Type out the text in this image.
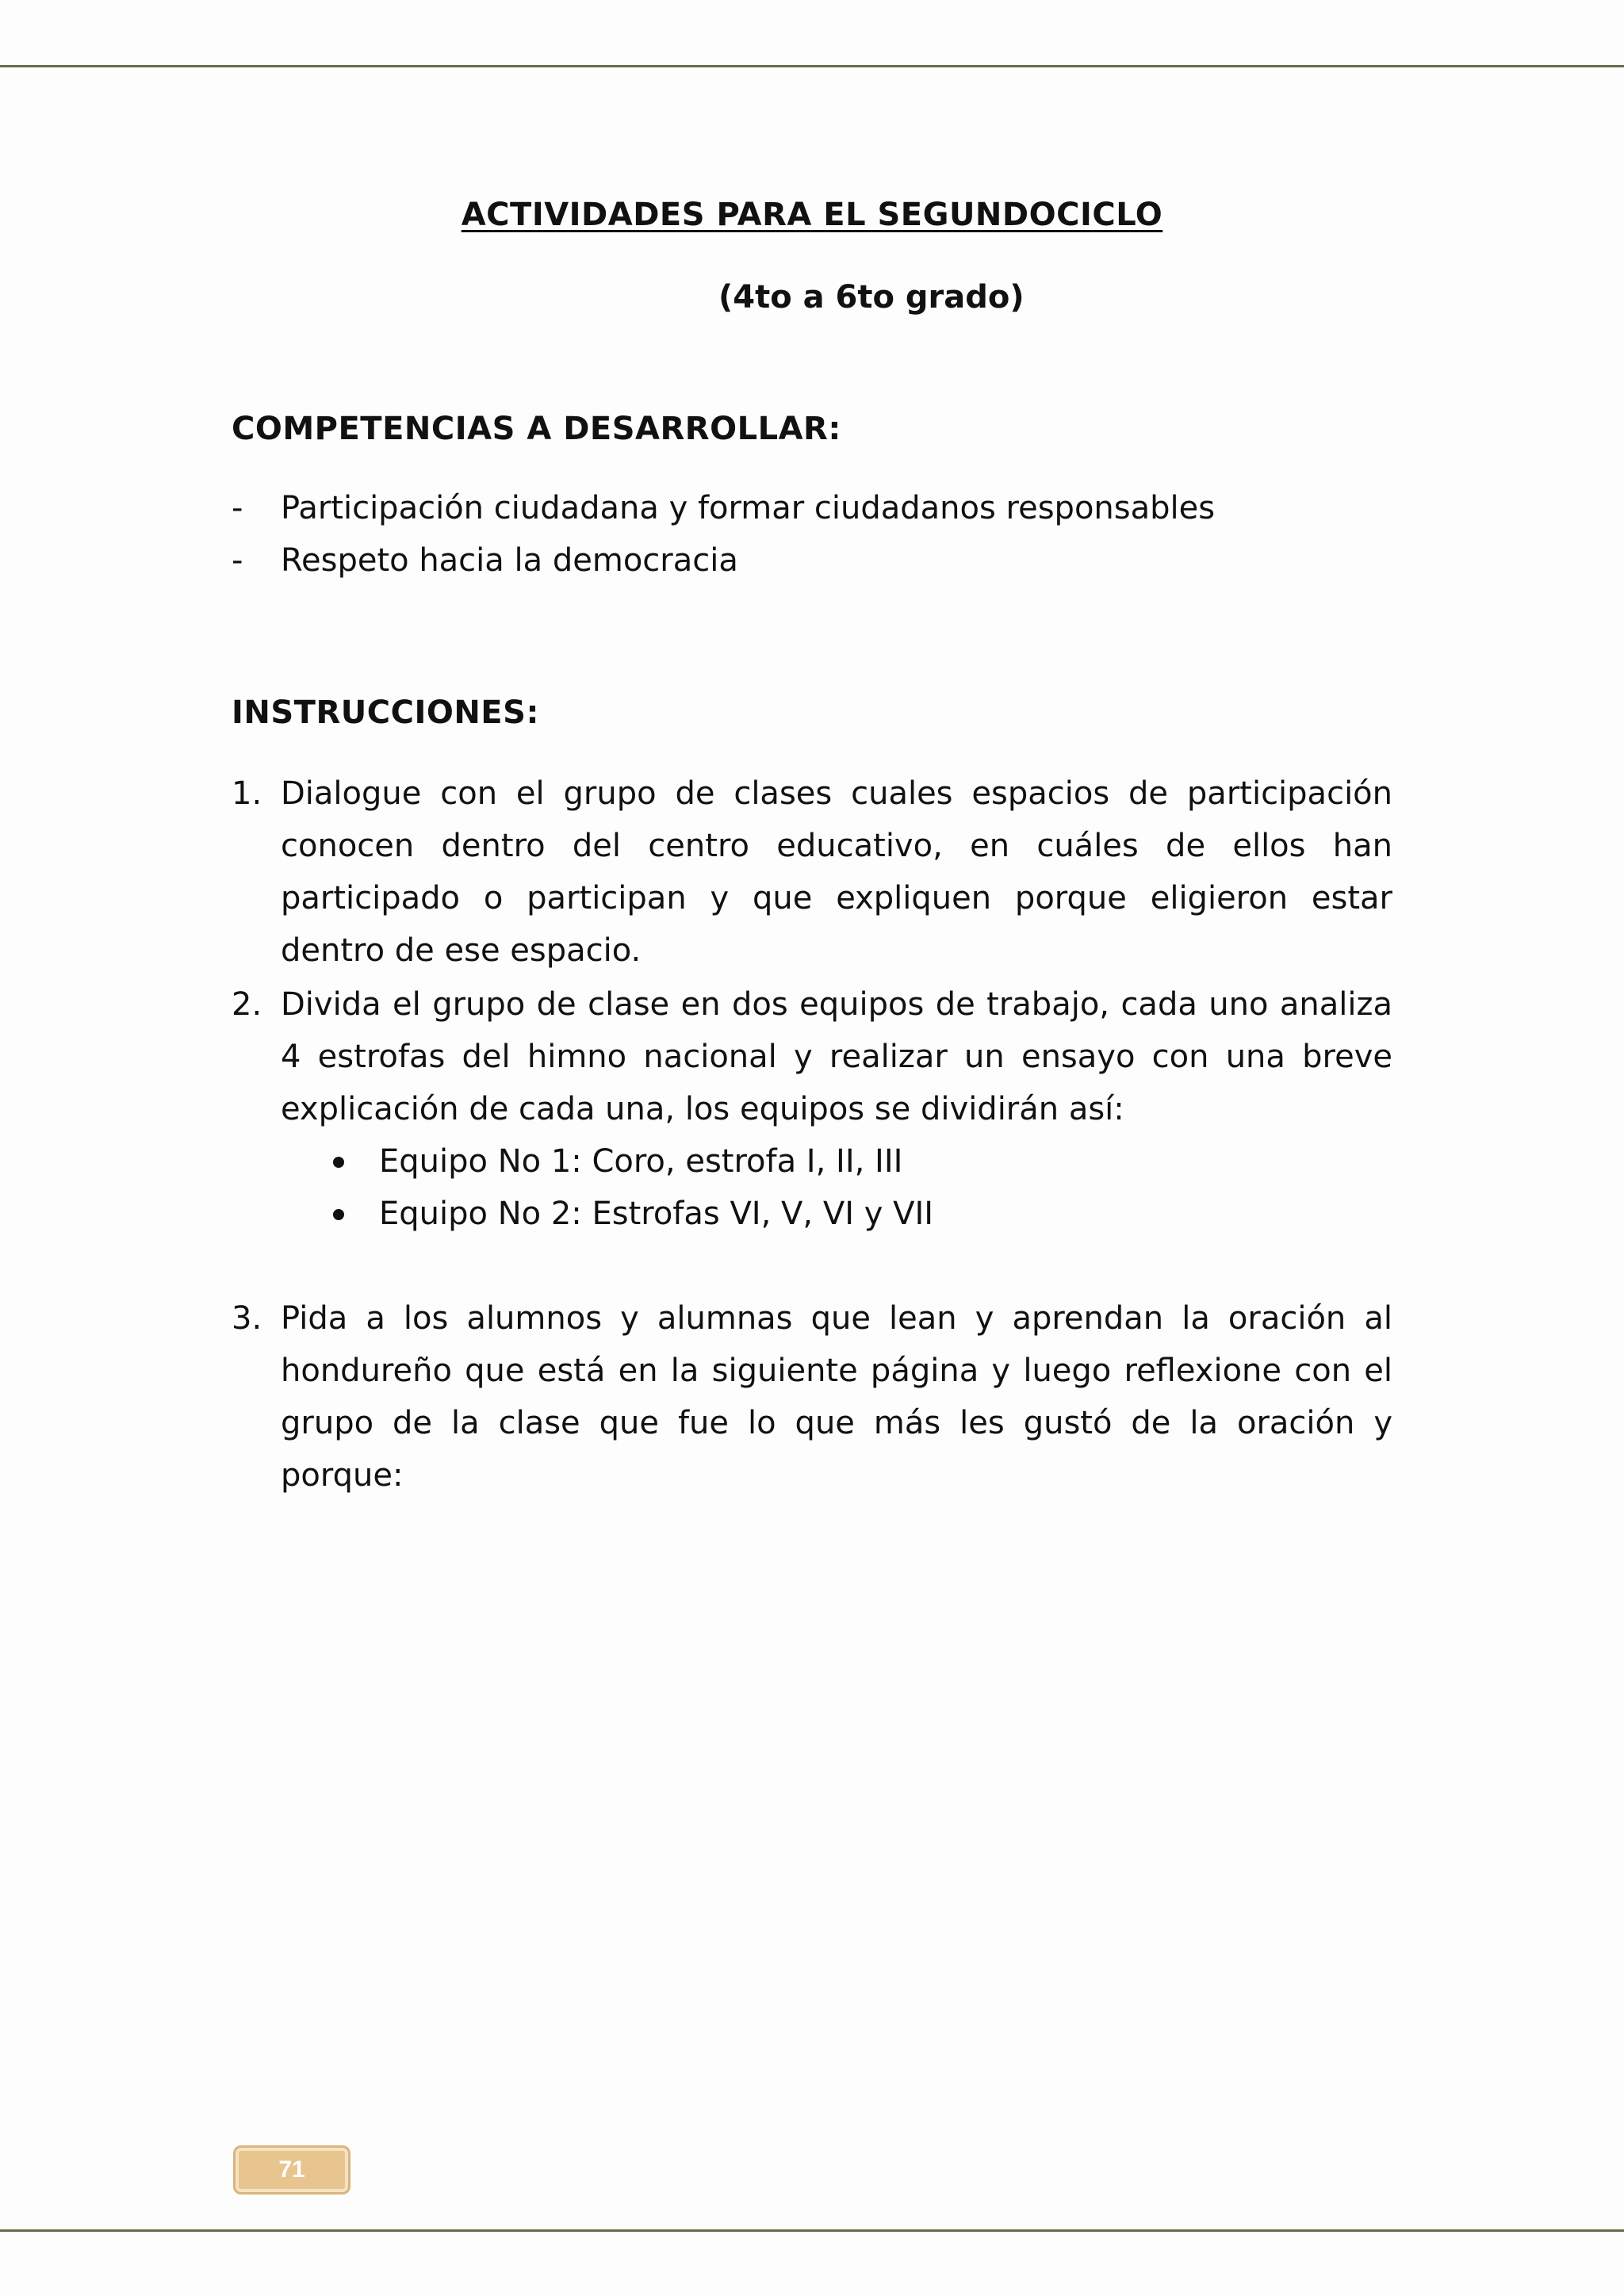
ACTIVIDADES PARA EL SEGUNDOCICLO
(4to a 6to grado)
COMPETENCIAS A DESARROLLAR:
- Participación ciudadana y formar ciudadanos responsables
- Respeto hacia la democracia
INSTRUCCIONES:
1. Dialogue con el grupo de clases cuales espacios de participación conocen dentro del centro educativo, en cuáles de ellos han participado o participan y que expliquen porque eligieron estar dentro de ese espacio.
2. Divida el grupo de clase en dos equipos de trabajo, cada uno analiza 4 estrofas del himno nacional y realizar un ensayo con una breve explicación de cada una, los equipos se dividirán así:
Equipo No 1: Coro, estrofa I, II, III
Equipo No 2: Estrofas VI, V, VI y VII
3. Pida a los alumnos y alumnas que lean y aprendan la oración al hondureño que está en la siguiente página y luego reflexione con el grupo de la clase que fue lo que más les gustó de la oración y porque:
71
